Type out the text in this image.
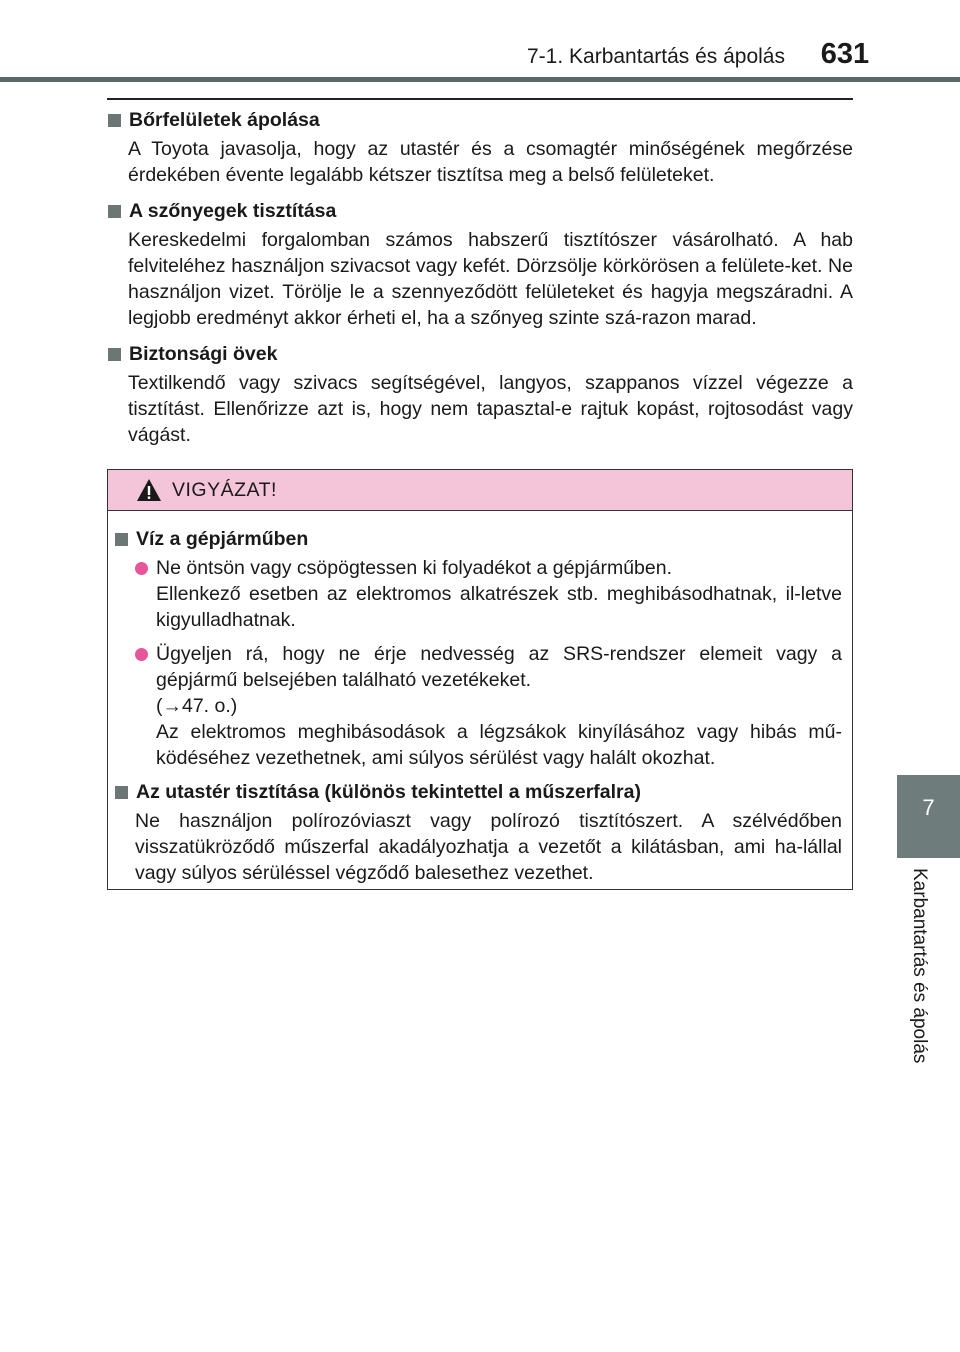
7-1. Karbantartás és ápolás	631
7
Karbantartás és ápolás
Bőrfelületek ápolása

A Toyota javasolja, hogy az utastér és a csomagtér minőségének megőrzése érdekében évente legalább kétszer tisztítsa meg a belső felületeket.

A szőnyegek tisztítása

Kereskedelmi forgalomban számos habszerű tisztítószer vásárolható. A hab felviteléhez használjon szivacsot vagy kefét. Dörzsölje körkörösen a felülete-ket. Ne használjon vizet. Törölje le a szennyeződött felületeket és hagyja megszáradni. A legjobb eredményt akkor érheti el, ha a szőnyeg szinte szá-razon marad.

Biztonsági övek

Textilkendő vagy szivacs segítségével, langyos, szappanos vízzel végezze a tisztítást. Ellenőrizze azt is, hogy nem tapasztal-e rajtuk kopást, rojtosodást vagy vágást.

VIGYÁZAT!
Víz a gépjárműben
Ne öntsön vagy csöpögtessen ki folyadékot a gépjárműben.
Ellenkező esetben az elektromos alkatrészek stb. meghibásodhatnak, il-letve kigyulladhatnak.
Ügyeljen rá, hogy ne érje nedvesség az SRS-rendszer elemeit vagy a gépjármű belsejében található vezetékeket.
(→47. o.)
Az elektromos meghibásodások a légzsákok kinyílásához vagy hibás mű-ködéséhez vezethetnek, ami súlyos sérülést vagy halált okozhat.
Az utastér tisztítása (különös tekintettel a műszerfalra)

Ne használjon polírozóviaszt vagy polírozó tisztítószert. A szélvédőben visszatükröződő műszerfal akadályozhatja a vezetőt a kilátásban, ami ha-lállal vagy súlyos sérüléssel végződő balesethez vezethet.
